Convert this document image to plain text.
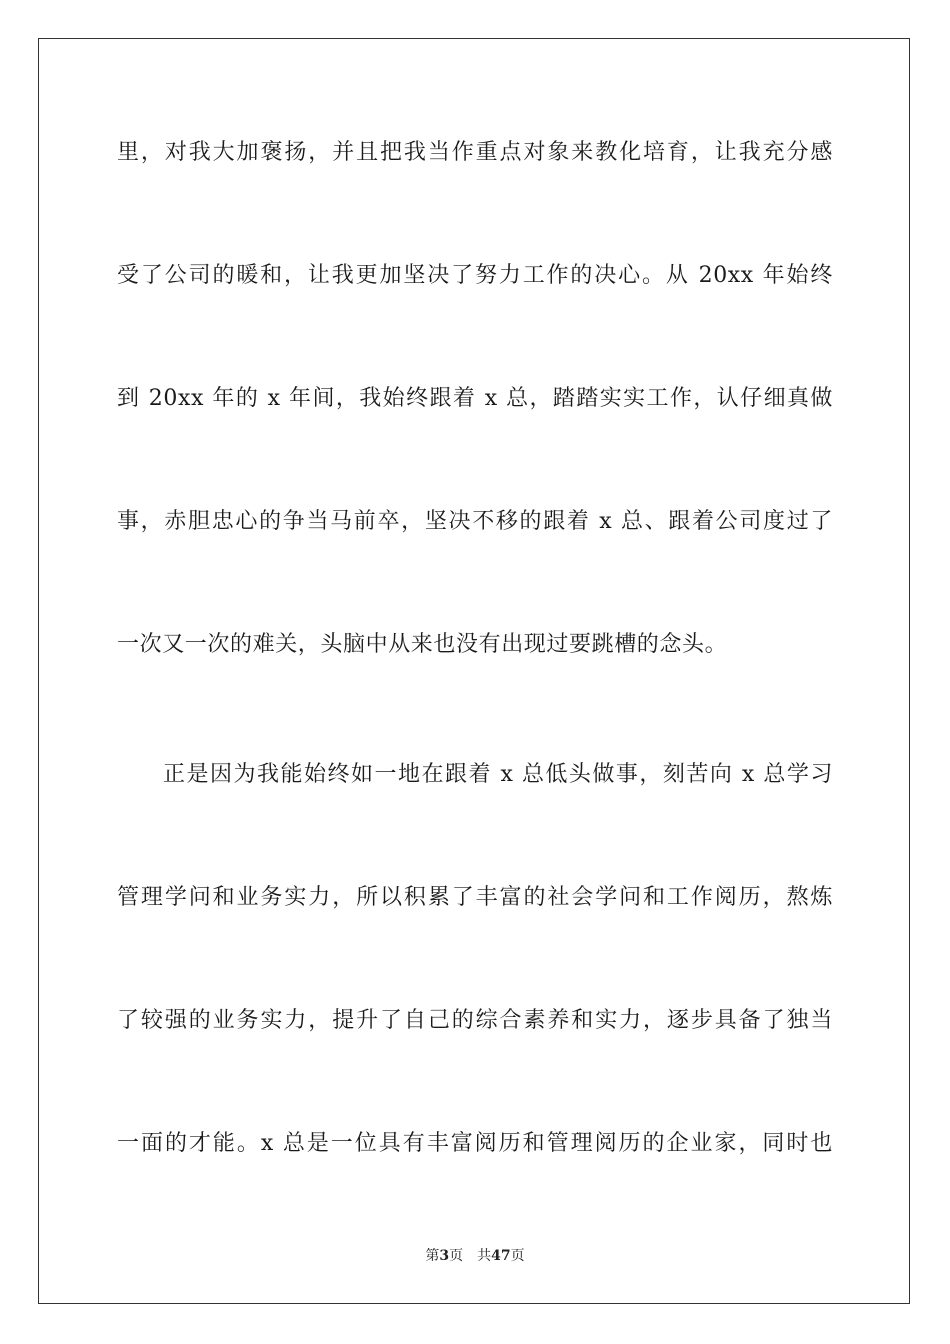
里，对我大加褒扬，并且把我当作重点对象来教化培育，让我充分感
受了公司的暖和，让我更加坚决了努力工作的决心。从 20xx 年始终
到 20xx 年的 x 年间，我始终跟着 x 总，踏踏实实工作，认仔细真做
事，赤胆忠心的争当马前卒，坚决不移的跟着 x 总、跟着公司度过了
一次又一次的难关，头脑中从来也没有出现过要跳槽的念头。
正是因为我能始终如一地在跟着 x 总低头做事，刻苦向 x 总学习
管理学问和业务实力，所以积累了丰富的社会学问和工作阅历，熬炼
了较强的业务实力，提升了自己的综合素养和实力，逐步具备了独当
一面的才能。x 总是一位具有丰富阅历和管理阅历的企业家，同时也
第3页 共47页
